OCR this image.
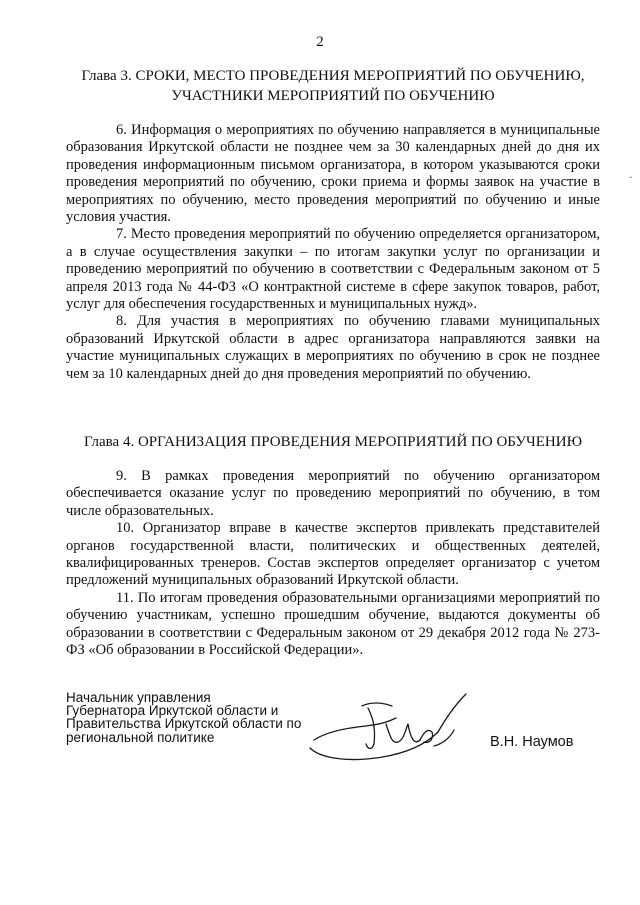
2
Глава 3. СРОКИ, МЕСТО ПРОВЕДЕНИЯ МЕРОПРИЯТИЙ ПО ОБУЧЕНИЮ,
УЧАСТНИКИ МЕРОПРИЯТИЙ ПО ОБУЧЕНИЮ

6. Информация о мероприятиях по обучению направляется в муниципальные образования Иркутской области не позднее чем за 30 календарных дней до дня их проведения информационным письмом организатора, в котором указываются сроки проведения мероприятий по обучению, сроки приема и формы заявок на участие в мероприятиях по обучению, место проведения мероприятий по обучению и иные условия участия.

7. Место проведения мероприятий по обучению определяется организатором, а в случае осуществления закупки – по итогам закупки услуг по организации и проведению мероприятий по обучению в соответствии с Федеральным законом от 5 апреля 2013 года № 44-ФЗ «О контрактной системе в сфере закупок товаров, работ, услуг для обеспечения государственных и муниципальных нужд».

8. Для участия в мероприятиях по обучению главами муниципальных образований Иркутской области в адрес организатора направляются заявки на участие муниципальных служащих в мероприятиях по обучению в срок не позднее чем за 10 календарных дней до дня проведения мероприятий по обучению.

Глава 4. ОРГАНИЗАЦИЯ ПРОВЕДЕНИЯ МЕРОПРИЯТИЙ ПО ОБУЧЕНИЮ

9. В рамках проведения мероприятий по обучению организатором обеспечивается оказание услуг по проведению мероприятий по обучению, в том числе образовательных.

10. Организатор вправе в качестве экспертов привлекать представителей органов государственной власти, политических и общественных деятелей, квалифицированных тренеров. Состав экспертов определяет организатор с учетом предложений муниципальных образований Иркутской области.

11. По итогам проведения образовательными организациями мероприятий по обучению участникам, успешно прошедшим обучение, выдаются документы об образовании в соответствии с Федеральным законом от 29 декабря 2012 года № 273-ФЗ «Об образовании в Российской Федерации».

Начальник управления
Губернатора Иркутской области и
Правительства Иркутской области по
региональной политике	В.Н. Наумов
ˇ
